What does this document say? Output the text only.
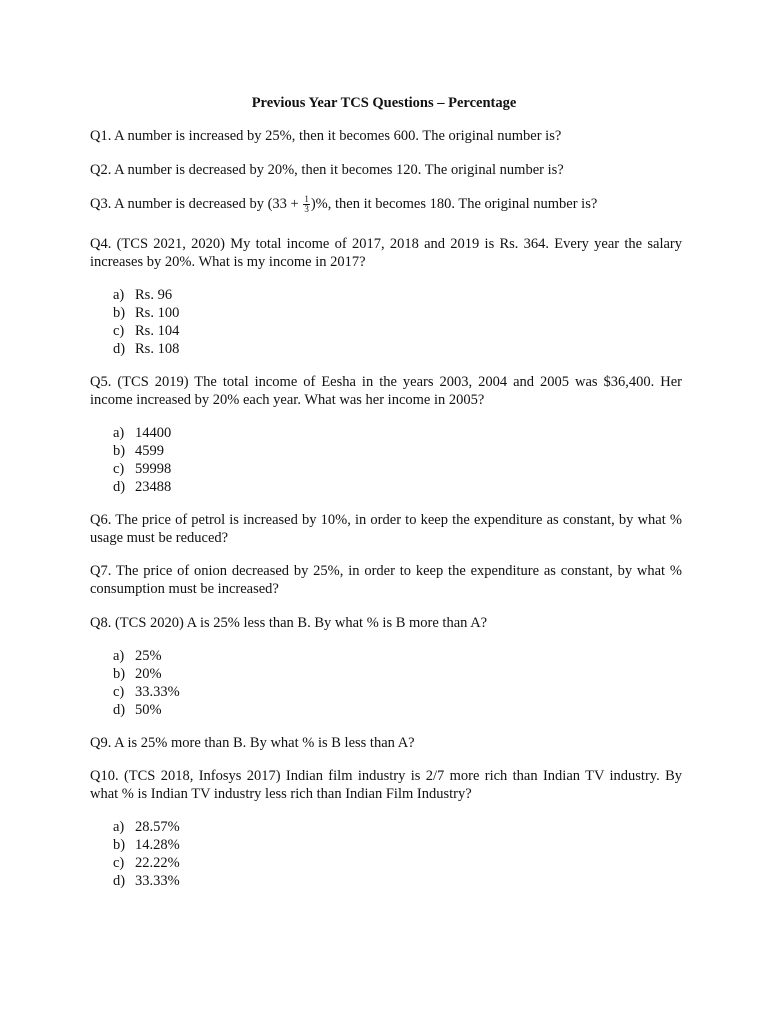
Previous Year TCS Questions – Percentage
Q1. A number is increased by 25%, then it becomes 600. The original number is?
Q2. A number is decreased by 20%, then it becomes 120. The original number is?
Q3. A number is decreased by ($33 + \frac{1}{3}$ )%, then it becomes 180. The original number is?
Q4. (TCS 2021, 2020) My total income of 2017, 2018 and 2019 is Rs. 364. Every year the salary increases by 20%. What is my income in 2017?
a) Rs. 96
b) Rs. 100
c) Rs. 104
d) Rs. 108
Q5. (TCS 2019) The total income of Eesha in the years 2003, 2004 and 2005 was $36,400. Her income increased by 20% each year. What was her income in 2005?
a) 14400
b) 4599
c) 59998
d) 23488
Q6. The price of petrol is increased by 10%, in order to keep the expenditure as constant, by what % usage must be reduced?
Q7. The price of onion decreased by 25%, in order to keep the expenditure as constant, by what % consumption must be increased?
Q8. (TCS 2020) A is 25% less than B. By what % is B more than A?
a) 25%
b) 20%
c) 33.33%
d) 50%
Q9. A is 25% more than B. By what % is B less than A?
Q10. (TCS 2018, Infosys 2017) Indian film industry is 2/7 more rich than Indian TV industry. By what % is Indian TV industry less rich than Indian Film Industry?
a) 28.57%
b) 14.28%
c) 22.22%
d) 33.33%
